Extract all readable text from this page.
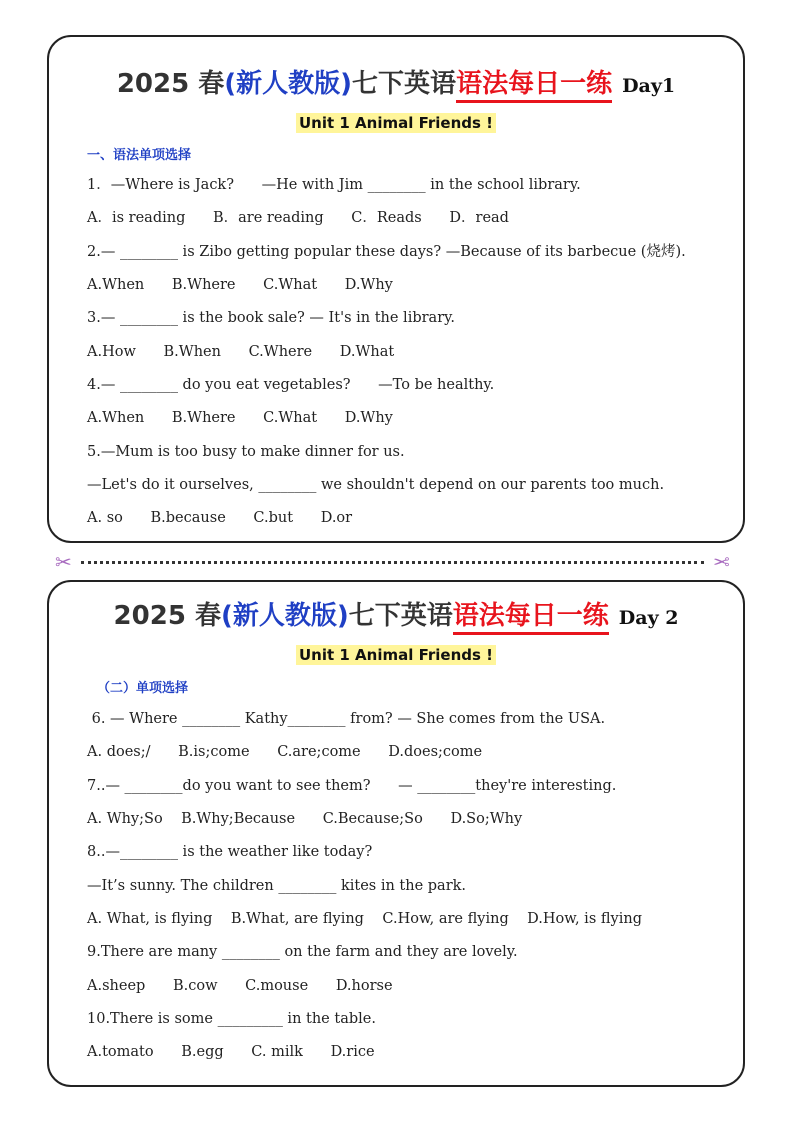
2025 春(新人教版)七下英语语法每日一练 Day1
Unit 1 Animal Friends !
一、语法单项选择
1．—Where is Jack?      —He with Jim ________ in the school library.
A．is reading      B．are reading      C．Reads      D．read
2.— ________ is Zibo getting popular these days? —Because of its barbecue (烧烤).
A.When      B.Where      C.What      D.Why
3.— ________ is the book sale? — It's in the library.
A.How      B.When      C.Where      D.What
4.— ________ do you eat vegetables?      —To be healthy.
A.When      B.Where      C.What      D.Why
5.—Mum is too busy to make dinner for us.
—Let's do it ourselves, ________ we shouldn't depend on our parents too much.
A. so      B.because      C.but      D.or
✂	✂
2025 春(新人教版)七下英语语法每日一练 Day 2
Unit 1 Animal Friends !
（二）单项选择
6. — Where ________ Kathy________ from? — She comes from the USA.
A. does;/      B.is;come      C.are;come      D.does;come
7..— ________do you want to see them?      — ________they're interesting.
A. Why;So    B.Why;Because      C.Because;So      D.So;Why
8..—________ is the weather like today?
—It’s sunny. The children ________ kites in the park.
A. What, is flying    B.What, are flying    C.How, are flying    D.How, is flying
9.There are many ________ on the farm and they are lovely.
A.sheep      B.cow      C.mouse      D.horse
10.There is some _________ in the table.
A.tomato      B.egg      C. milk      D.rice
